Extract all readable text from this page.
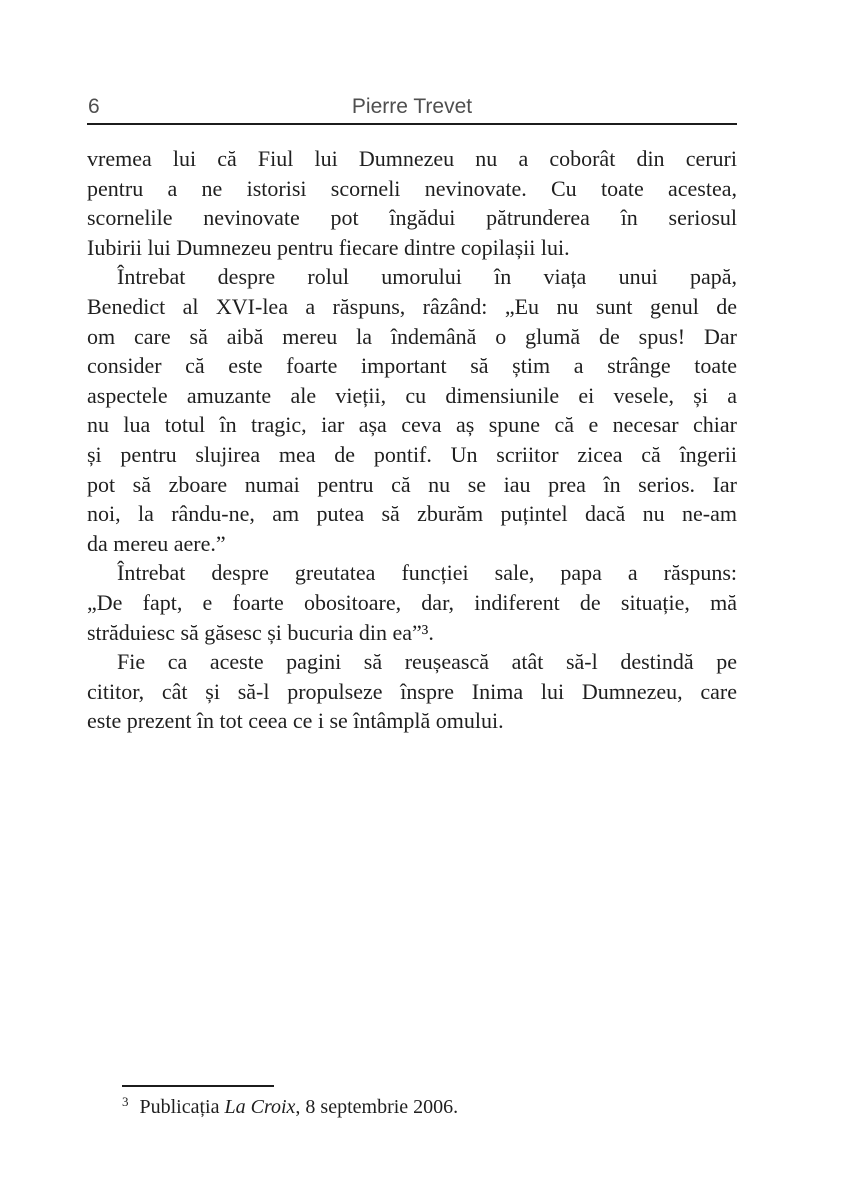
6	Pierre Trevet
vremea lui că Fiul lui Dumnezeu nu a coborât din ceruri
pentru a ne istorisi scorneli nevinovate. Cu toate acestea,
scornelile nevinovate pot îngădui pătrunderea în seriosul
Iubirii lui Dumnezeu pentru fiecare dintre copilașii lui.
Întrebat despre rolul umorului în viața unui papă,
Benedict al XVI-lea a răspuns, râzând: „Eu nu sunt genul de
om care să aibă mereu la îndemână o glumă de spus! Dar
consider că este foarte important să știm a strânge toate
aspectele amuzante ale vieții, cu dimensiunile ei vesele, și a
nu lua totul în tragic, iar așa ceva aș spune că e necesar chiar
și pentru slujirea mea de pontif. Un scriitor zicea că îngerii
pot să zboare numai pentru că nu se iau prea în serios. Iar
noi, la rându-ne, am putea să zburăm puțintel dacă nu ne-am
da mereu aere.”
Întrebat despre greutatea funcției sale, papa a răspuns:
„De fapt, e foarte obositoare, dar, indiferent de situație, mă
străduiesc să găsesc și bucuria din ea”³.
Fie ca aceste pagini să reușească atât să-l destindă pe
cititor, cât și să-l propulseze înspre Inima lui Dumnezeu, care
este prezent în tot ceea ce i se întâmplă omului.
$^3$ Publicația La Croix, 8 septembrie 2006.
